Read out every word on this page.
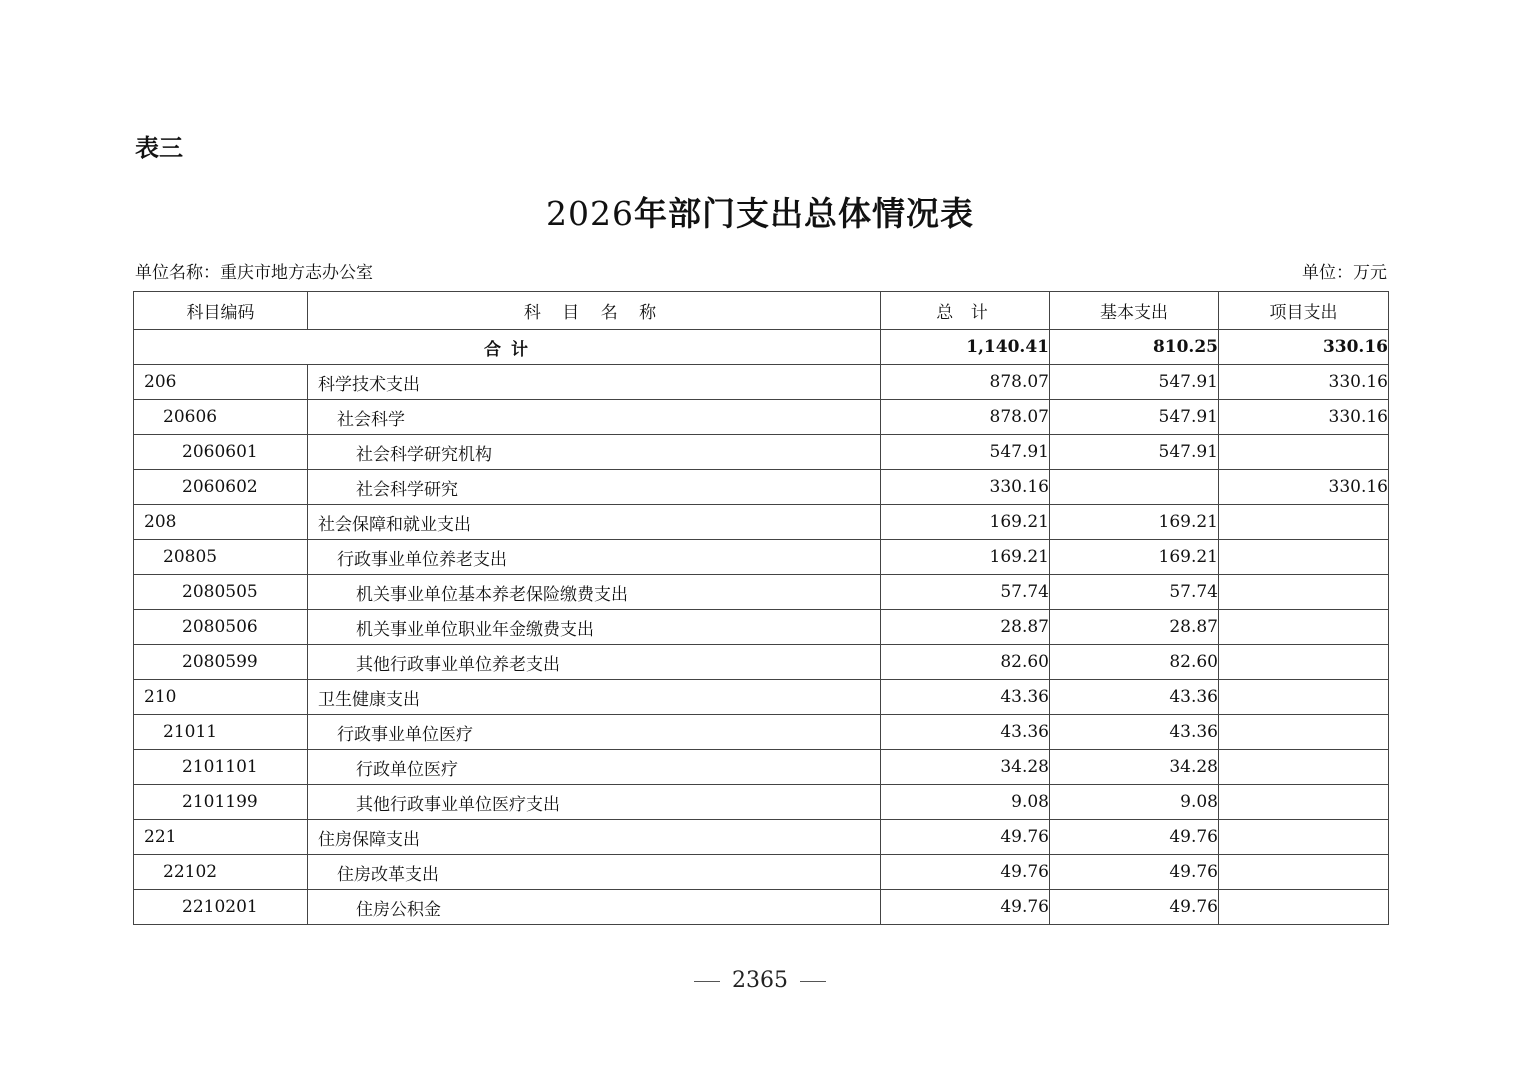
表三
2026年部门支出总体情况表
单位名称：重庆市地方志办公室	单位：万元
科目编码	科 目 名 称	总 计	基本支出	项目支出
合 计		1,140.41	810.25	330.16
206	科学技术支出	878.07	547.91	330.16
20606	社会科学	878.07	547.91	330.16
2060601	社会科学研究机构	547.91	547.91	
2060602	社会科学研究	330.16		330.16
208	社会保障和就业支出	169.21	169.21	
20805	行政事业单位养老支出	169.21	169.21	
2080505	机关事业单位基本养老保险缴费支出	57.74	57.74	
2080506	机关事业单位职业年金缴费支出	28.87	28.87	
2080599	其他行政事业单位养老支出	82.60	82.60	
210	卫生健康支出	43.36	43.36	
21011	行政事业单位医疗	43.36	43.36	
2101101	行政单位医疗	34.28	34.28	
2101199	其他行政事业单位医疗支出	9.08	9.08	
221	住房保障支出	49.76	49.76	
22102	住房改革支出	49.76	49.76	
2210201	住房公积金	49.76	49.76	
2365
